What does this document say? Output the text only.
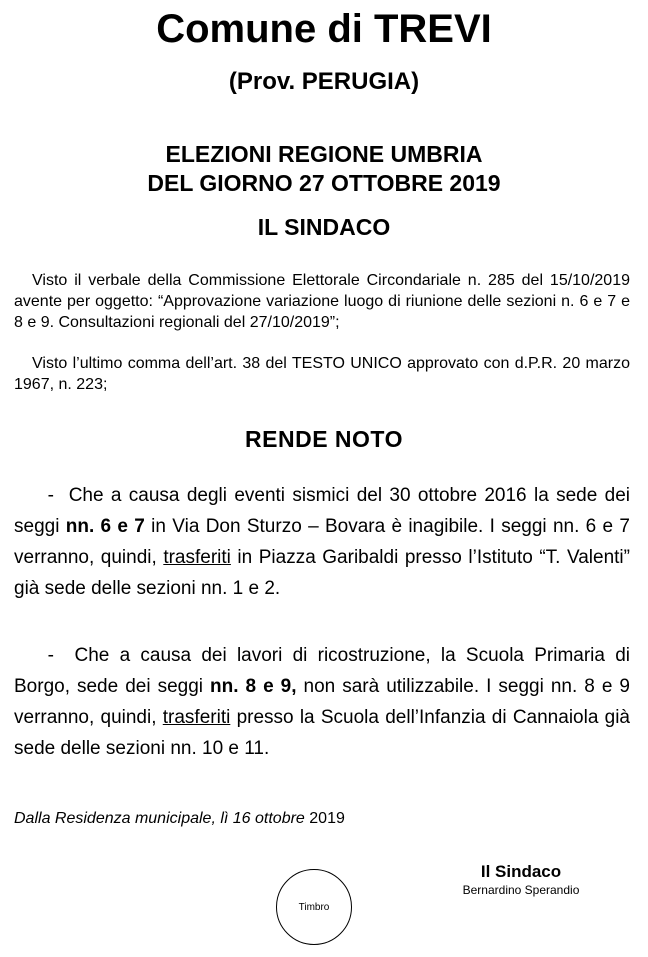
Comune di TREVI
(Prov. PERUGIA)
ELEZIONI REGIONE UMBRIA
DEL GIORNO 27 OTTOBRE 2019
IL SINDACO
Visto il verbale della Commissione Elettorale Circondariale n. 285 del 15/10/2019 avente per oggetto: “Approvazione variazione luogo di riunione delle sezioni n. 6 e 7 e 8 e 9. Consultazioni regionali del 27/10/2019”;
Visto l’ultimo comma dell’art. 38 del TESTO UNICO approvato con d.P.R. 20 marzo 1967, n. 223;
RENDE NOTO
- Che a causa degli eventi sismici del 30 ottobre 2016 la sede dei seggi nn. 6 e 7 in Via Don Sturzo – Bovara è inagibile. I seggi nn. 6 e 7 verranno, quindi, trasferiti in Piazza Garibaldi presso l’Istituto “T. Valenti” già sede delle sezioni nn. 1 e 2.
- Che a causa dei lavori di ricostruzione, la Scuola Primaria di Borgo, sede dei seggi nn. 8 e 9, non sarà utilizzabile. I seggi nn. 8 e 9 verranno, quindi, trasferiti presso la Scuola dell’Infanzia di Cannaiola già sede delle sezioni nn. 10 e 11.
Dalla Residenza municipale, lì 16 ottobre 2019
Il Sindaco
Bernardino Sperandio
Timbro
